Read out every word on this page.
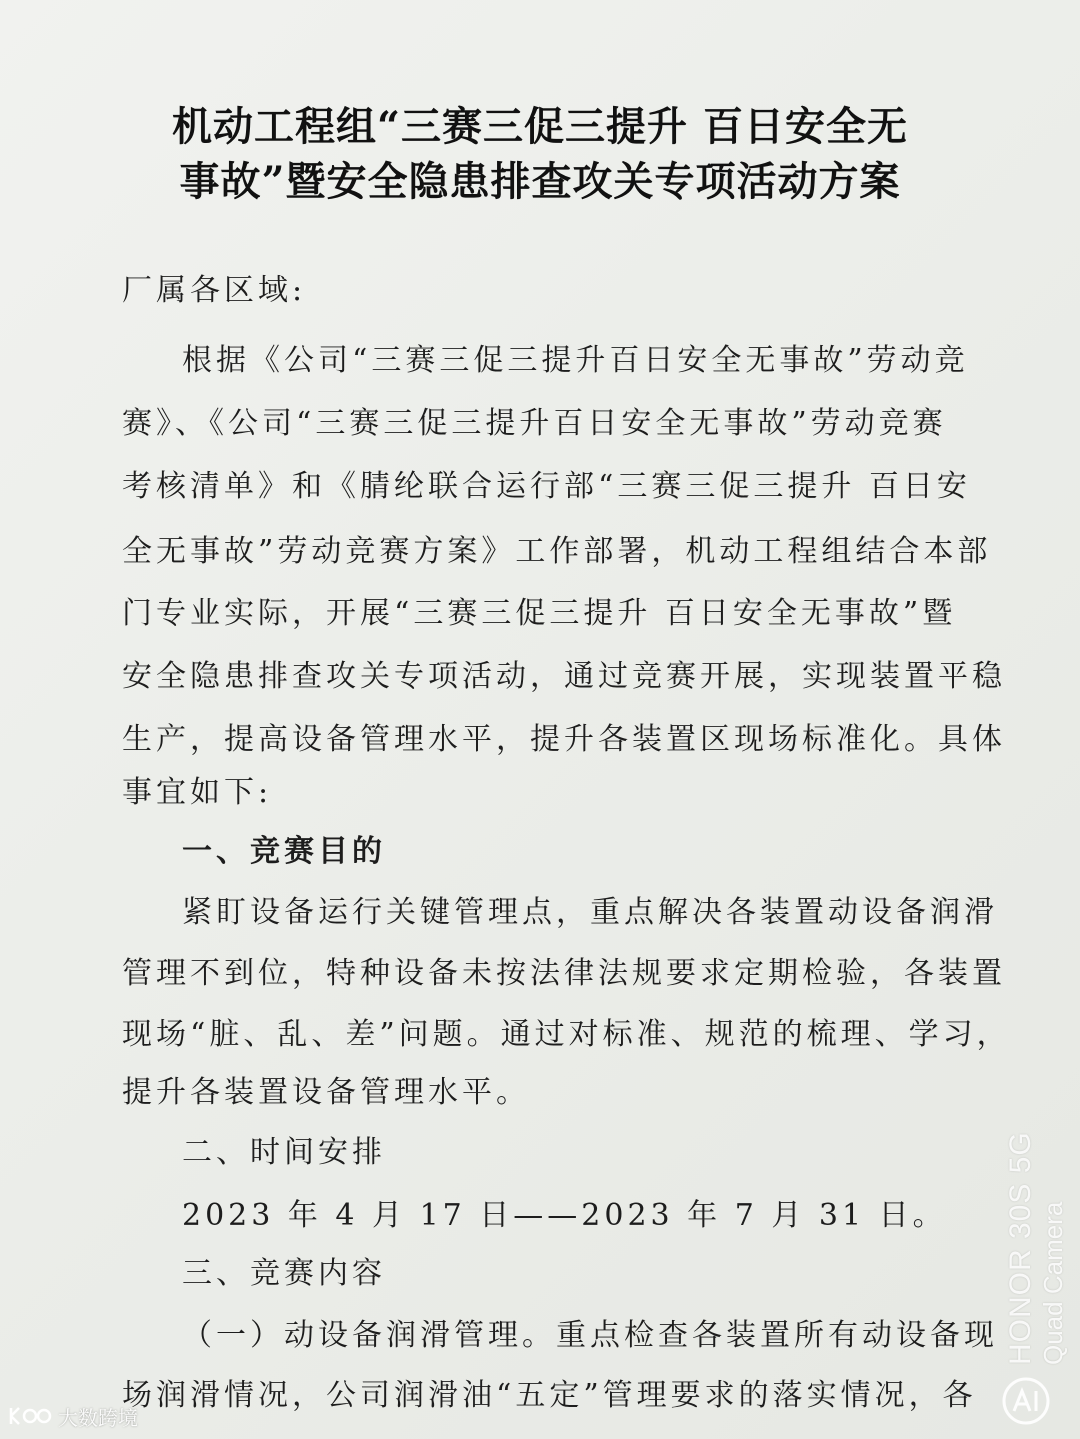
机动工程组“三赛三促三提升 百日安全无
事故”暨安全隐患排查攻关专项活动方案
厂属各区域:
根据《公司“三赛三促三提升百日安全无事故”劳动竞
赛》、《公司“三赛三促三提升百日安全无事故”劳动竞赛
考核清单》和《腈纶联合运行部“三赛三促三提升 百日安
全无事故”劳动竞赛方案》工作部署，机动工程组结合本部
门专业实际，开展“三赛三促三提升 百日安全无事故”暨
安全隐患排查攻关专项活动，通过竞赛开展，实现装置平稳
生产，提高设备管理水平，提升各装置区现场标准化。具体
事宜如下:
一、竞赛目的
紧盯设备运行关键管理点，重点解决各装置动设备润滑
管理不到位，特种设备未按法律法规要求定期检验，各装置
现场“脏、乱、差”问题。通过对标准、规范的梳理、学习，
提升各装置设备管理水平。
二、时间安排
2023 年 4 月 17 日——2023 年 7 月 31 日。
三、竞赛内容
（一）动设备润滑管理。重点检查各装置所有动设备现
场润滑情况，公司润滑油“五定”管理要求的落实情况，各
HONOR 30S 5G Quad Camera
大数跨境
